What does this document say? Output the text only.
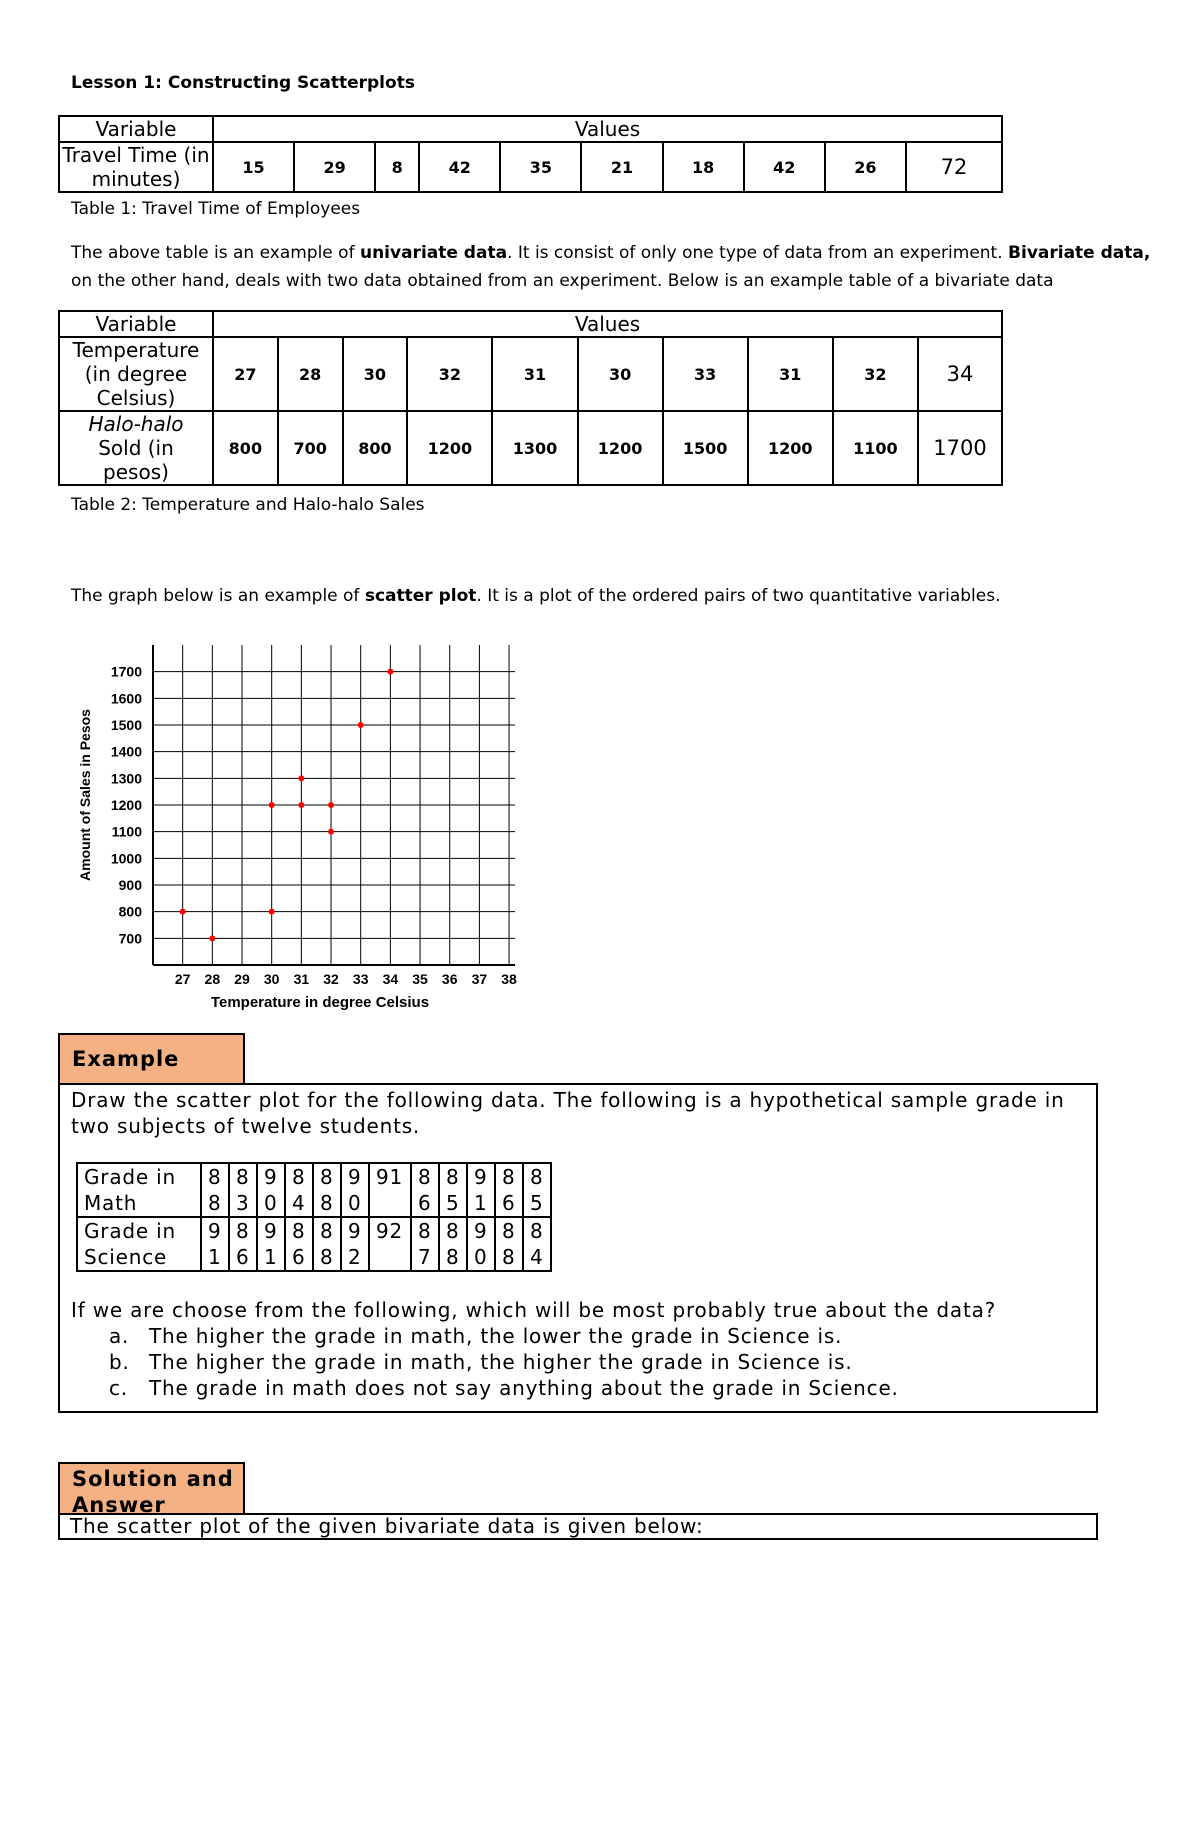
Lesson 1: Constructing Scatterplots
Variable	Values									
Travel Time (in minutes)	15	29	8	42	35	21	18	42	26	72
Table 1: Travel Time of Employees
The above table is an example of univariate data. It is consist of only one type of data from an experiment. Bivariate data, on the other hand, deals with two data obtained from an experiment. Below is an example table of a bivariate data
Variable	Values									
Temperature (in degree Celsius)	27	28	30	32	31	30	33	31	32	34
Halo-halo Sold (in pesos)	800	700	800	1200	1300	1200	1500	1200	1100	1700
Table 2: Temperature and Halo-halo Sales
The graph below is an example of scatter plot. It is a plot of the ordered pairs of two quantitative variables.
700
800
900
1000
1100
1200
1300
1400
1500
1600
1700
27 28 29 30 31 32 33 34 35 36 37 38
Temperature in degree Celsius
Amount of Sales in Pesos
Example
Draw the scatter plot for the following data. The following is a hypothetical sample grade in two subjects of twelve students.
Grade in Math	88	83	90	84	88	90	91	86	85	91	86	85
Grade in Science	91	86	91	86	88	92	92	87	88	90	88	84
If we are choose from the following, which will be most probably true about the data?
a. The higher the grade in math, the lower the grade in Science is.
b. The higher the grade in math, the higher the grade in Science is.
c.	The grade in math does not say anything about the grade in Science.
Solution and Answer
The scatter plot of the given bivariate data is given below:
